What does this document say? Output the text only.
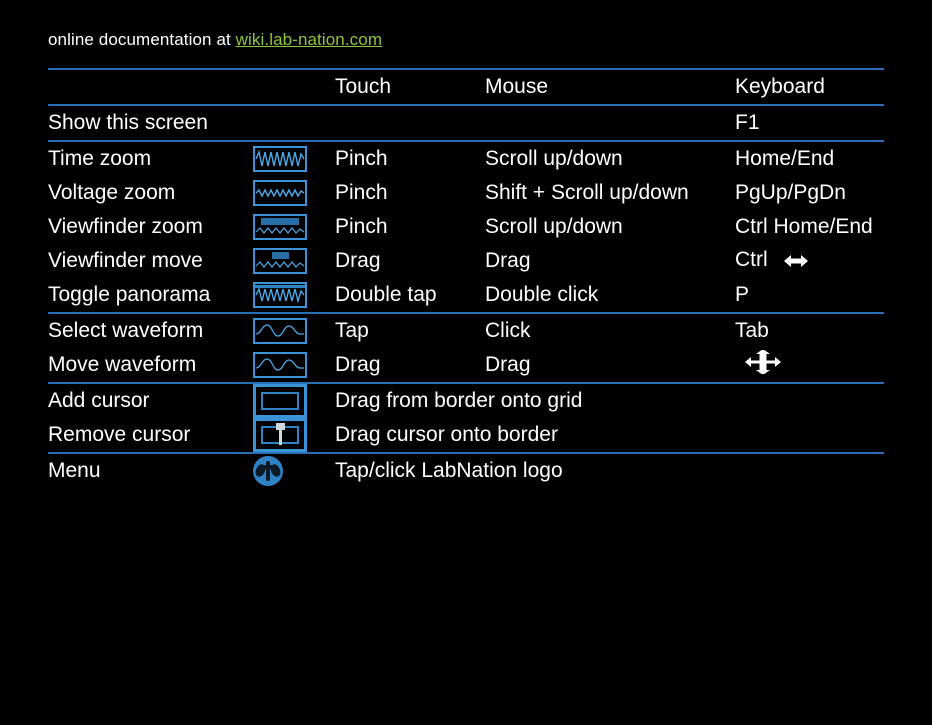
online documentation at wiki.lab-nation.com
		Touch	Mouse	Keyboard
Show this screen				F1
Time zoom		Pinch	Scroll up/down	Home/End
Voltage zoom		Pinch	Shift + Scroll up/down	PgUp/PgDn
Viewfinder zoom		Pinch	Scroll up/down	Ctrl Home/End
Viewfinder move		Drag	Drag	Ctrl
Toggle panorama		Double tap	Double click	P
Select waveform		Tap	Click	Tab
Move waveform		Drag	Drag	
Add cursor		Drag from border onto grid
Remove cursor		Drag cursor onto border
Menu		Tap/click LabNation logo
